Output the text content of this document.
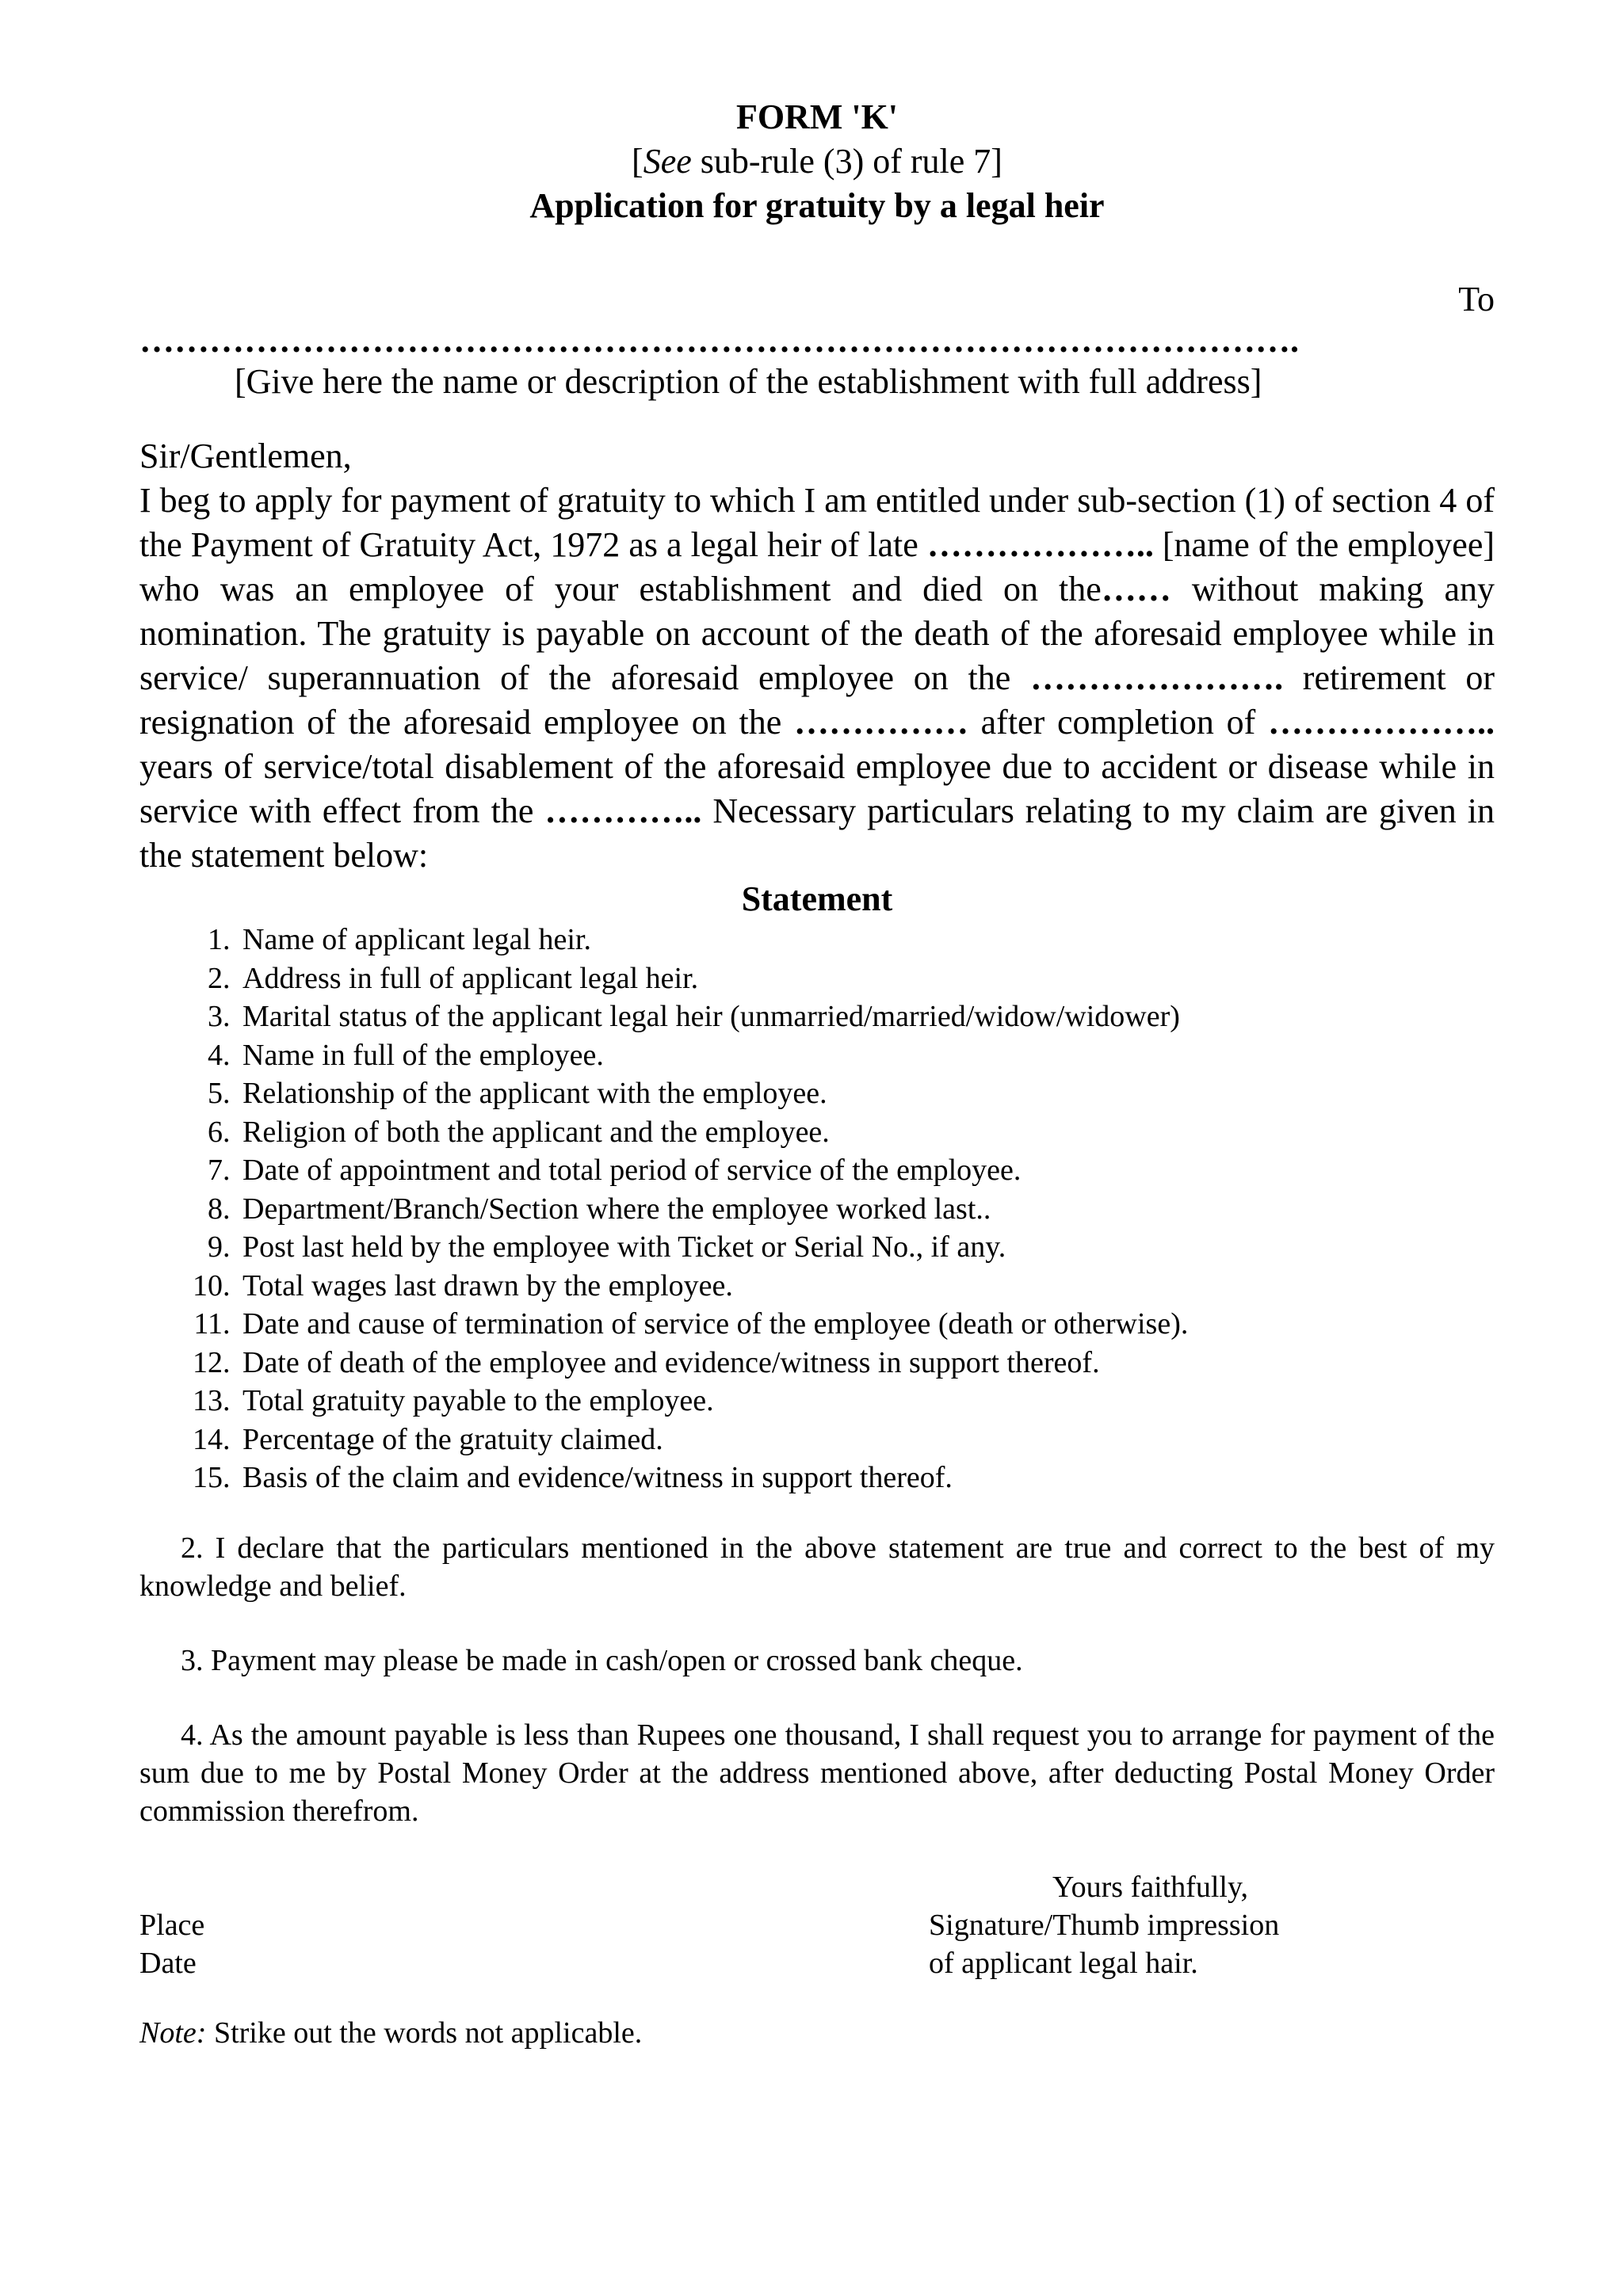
FORM 'K'
[See sub-rule (3) of rule 7]
Application for gratuity by a legal heir
To
……………………………………………………………………………………….
[Give here the name or description of the establishment with full address]
Sir/Gentlemen,
I beg to apply for payment of gratuity to which I am entitled under sub-section (1) of section 4 of the Payment of Gratuity Act, 1972 as a legal heir of late ……………….. [name of the employee] who was an employee of your establishment and died on the…… without making any nomination. The gratuity is payable on account of the death of the aforesaid employee while in service/ superannuation of the aforesaid employee on the …………………. retirement or resignation of the aforesaid employee on the …………… after completion of ……………….. years of service/total disablement of the aforesaid employee due to accident or disease while in service with effect from the ………….. Necessary particulars relating to my claim are given in the statement below:
Statement
1. Name of applicant legal heir.
2. Address in full of applicant legal heir.
3. Marital status of the applicant legal heir (unmarried/married/widow/widower)
4. Name in full of the employee.
5. Relationship of the applicant with the employee.
6. Religion of both the applicant and the employee.
7. Date of appointment and total period of service of the employee.
8. Department/Branch/Section where the employee worked last..
9. Post last held by the employee with Ticket or Serial No., if any.
10. Total wages last drawn by the employee.
11. Date and cause of termination of service of the employee (death or otherwise).
12. Date of death of the employee and evidence/witness in support thereof.
13. Total gratuity payable to the employee.
14. Percentage of the gratuity claimed.
15. Basis of the claim and evidence/witness in support thereof.
2. I declare that the particulars mentioned in the above statement are true and correct to the best of my knowledge and belief.
3. Payment may please be made in cash/open or crossed bank cheque.
4. As the amount payable is less than Rupees one thousand, I shall request you to arrange for payment of the sum due to me by Postal Money Order at the address mentioned above, after deducting Postal Money Order commission therefrom.
Yours faithfully,
Place	Signature/Thumb impression
Date	of applicant legal hair.
Note: Strike out the words not applicable.
